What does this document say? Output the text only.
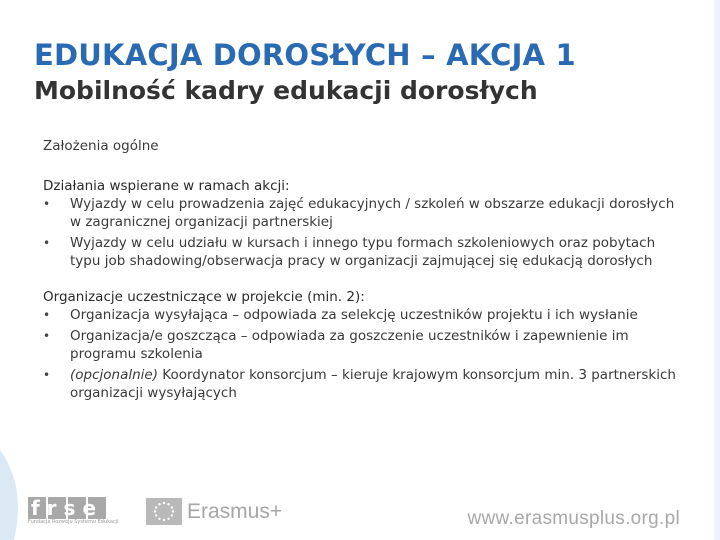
EDUKACJA DOROSŁYCH – AKCJA 1
Mobilność kadry edukacji dorosłych

Założenia ogólne

Działania wspierane w ramach akcji:

• Wyjazdy w celu prowadzenia zajęć edukacyjnych / szkoleń w obszarze edukacji dorosłych w zagranicznej organizacji partnerskiej
• Wyjazdy w celu udziału w kursach i innego typu formach szkoleniowych oraz pobytach typu job shadowing/obserwacja pracy w organizacji zajmującej się edukacją dorosłych

Organizacje uczestniczące w projekcie (min. 2):

• Organizacja wysyłająca – odpowiada za selekcję uczestników projektu i ich wysłanie
• Organizacja/e goszcząca – odpowiada za goszczenie uczestników i zapewnienie im programu szkolenia
• (opcjonalnie) Koordynator konsorcjum – kieruje krajowym konsorcjum min. 3 partnerskich organizacji wysyłających
frse
Fundacja Rozwoju Systemu Edukacji	Erasmus+	www.erasmusplus.org.pl
